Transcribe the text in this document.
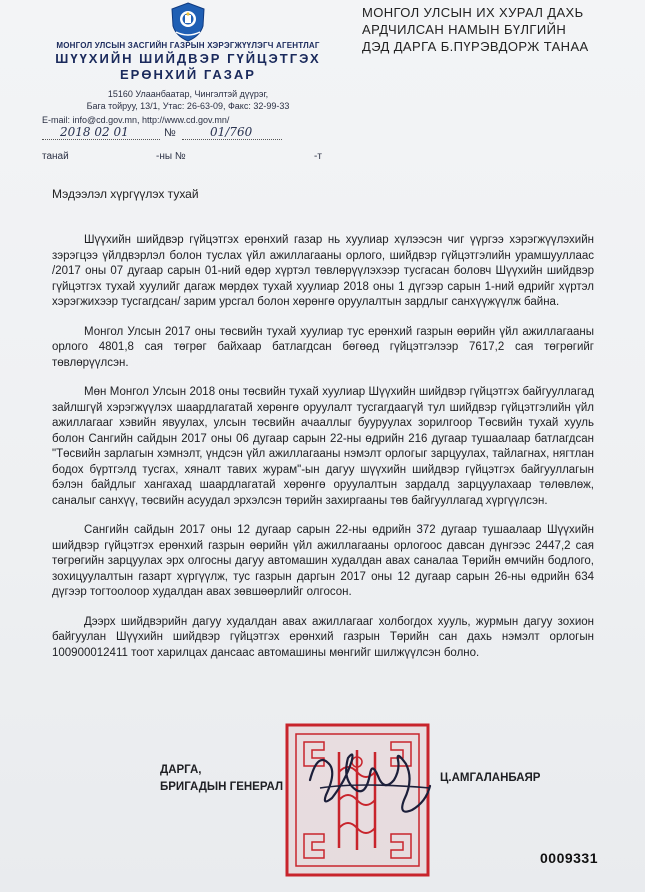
МОНГОЛ УЛСЫН ЗАСГИЙН ГАЗРЫН ХЭРЭГЖҮҮЛЭГЧ АГЕНТЛАГ
ШҮҮХИЙН ШИЙДВЭР ГҮЙЦЭТГЭХ
ЕРӨНХИЙ ГАЗАР
15160 Улаанбаатар, Чингэлтэй дүүрэг,
Бага тойруу, 13/1, Утас: 26-63-09, Факс: 32-99-33
E-mail: info@cd.gov.mn, http://www.cd.gov.mn/
2018 02 01	№	01/760
танай	-ны №	-т
МОНГОЛ УЛСЫН ИХ ХУРАЛ ДАХЬ
АРДЧИЛСАН НАМЫН БҮЛГИЙН
ДЭД ДАРГА Б.ПҮРЭВДОРЖ ТАНАА
Мэдээлэл хүргүүлэх тухай

Шүүхийн шийдвэр гүйцэтгэх ерөнхий газар нь хуулиар хүлээсэн чиг үүргээ хэрэгжүүлэхийн зэрэгцээ үйлдвэрлэл болон туслах үйл ажиллагааны орлого, шийдвэр гүйцэтгэлийн урамшууллаас /2017 оны 07 дугаар сарын 01-ний өдөр хүртэл төвлөрүүлэхээр тусгасан боловч Шүүхийн шийдвэр гүйцэтгэх тухай хуулийг дагаж мөрдөх тухай хуулиар 2018 оны 1 дүгээр сарын 1-ний өдрийг хүртэл хэрэгжихээр тусгагдсан/ зарим урсгал болон хөрөнгө оруулалтын зардлыг санхүүжүүлж байна.

Монгол Улсын 2017 оны төсвийн тухай хуулиар тус ерөнхий газрын өөрийн үйл ажиллагааны орлого 4801,8 сая төгрөг байхаар батлагдсан бөгөөд гүйцэтгэлээр 7617,2 сая төгрөгийг төвлөрүүлсэн.

Мөн Монгол Улсын 2018 оны төсвийн тухай хуулиар Шүүхийн шийдвэр гүйцэтгэх байгууллагад зайлшгүй хэрэгжүүлэх шаардлагатай хөрөнгө оруулалт тусгагдаагүй тул шийдвэр гүйцэтгэлийн үйл ажиллагааг хэвийн явуулах, улсын төсвийн ачааллыг бууруулах зорилгоор Төсвийн тухай хууль болон Сангийн сайдын 2017 оны 06 дугаар сарын 22-ны өдрийн 216 дугаар тушаалаар батлагдсан "Төсвийн зарлагын хэмнэлт, үндсэн үйл ажиллагааны нэмэлт орлогыг зарцуулах, тайлагнах, нягтлан бодох бүртгэлд тусгах, хяналт тавих журам"-ын дагуу шүүхийн шийдвэр гүйцэтгэх байгууллагын бэлэн байдлыг хангахад шаардлагатай хөрөнгө оруулалтын зардалд зарцуулахаар төлөвлөж, саналыг санхүү, төсвийн асуудал эрхэлсэн төрийн захиргааны төв байгууллагад хүргүүлсэн.

Сангийн сайдын 2017 оны 12 дугаар сарын 22-ны өдрийн 372 дугаар тушаалаар Шүүхийн шийдвэр гүйцэтгэх ерөнхий газрын өөрийн үйл ажиллагааны орлогоос давсан дүнгээс 2447,2 сая төгрөгийн зарцуулах эрх олгосны дагуу автомашин худалдан авах саналаа Төрийн өмчийн бодлого, зохицуулалтын газарт хүргүүлж, тус газрын даргын 2017 оны 12 дугаар сарын 26-ны өдрийн 634 дүгээр тогтоолоор худалдан авах зөвшөөрлийг олгосон.

Дээрх шийдвэрийн дагуу худалдан авах ажиллагааг холбогдох хууль, журмын дагуу зохион байгуулан Шүүхийн шийдвэр гүйцэтгэх ерөнхий газрын Төрийн сан дахь нэмэлт орлогын 100900012411 тоот харилцах дансаас автомашины мөнгийг шилжүүлсэн болно.

ДАРГА,
БРИГАДЫН ГЕНЕРАЛ
Ц.АМГАЛАНБАЯР
0009331
